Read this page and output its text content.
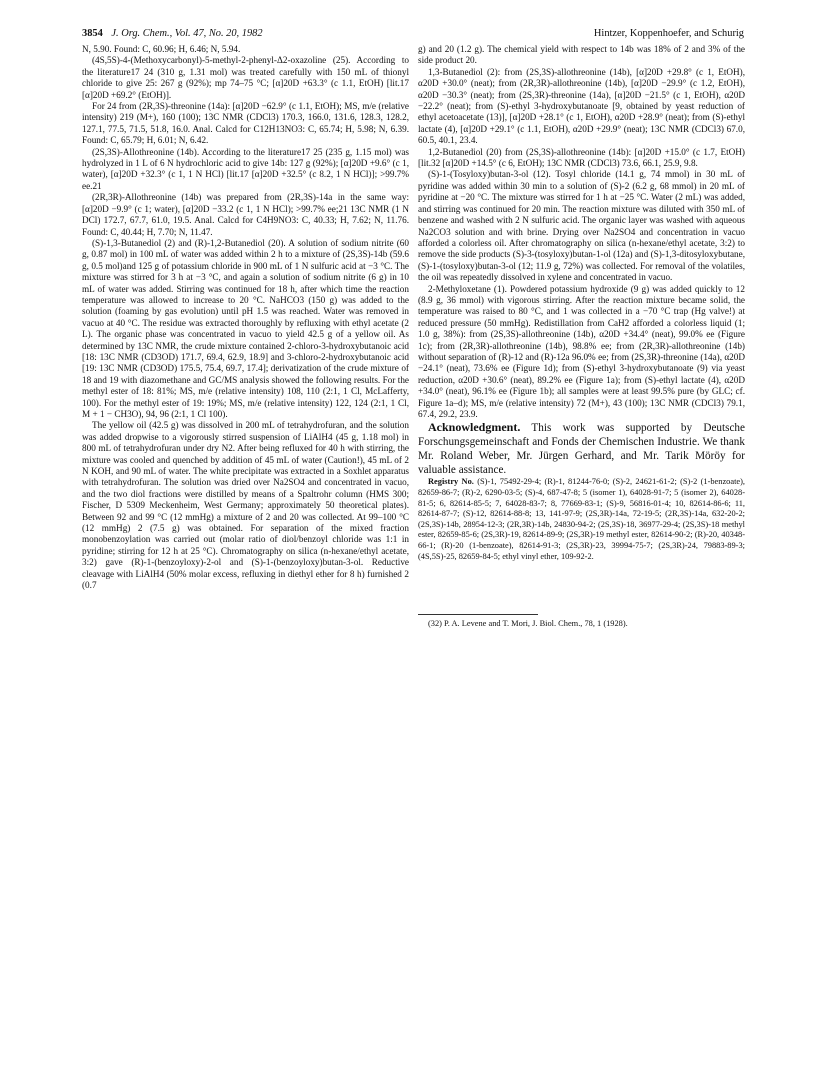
3854 J. Org. Chem., Vol. 47, No. 20, 1982	Hintzer, Koppenhoefer, and Schurig

N, 5.90. Found: C, 60.96; H, 6.46; N, 5.94.

(4S,5S)-4-(Methoxycarbonyl)-5-methyl-2-phenyl-Δ2-oxazoline (25). According to the literature17 24 (310 g, 1.31 mol) was treated carefully with 150 mL of thionyl chloride to give 25: 267 g (92%); mp 74–75 °C; [α]20D +63.3° (c 1.1, EtOH) [lit.17 [α]20D +69.2° (EtOH)].

For 24 from (2R,3S)-threonine (14a): [α]20D −62.9° (c 1.1, EtOH); MS, m/e (relative intensity) 219 (M+), 160 (100); 13C NMR (CDCl3) 170.3, 166.0, 131.6, 128.3, 128.2, 127.1, 77.5, 71.5, 51.8, 16.0. Anal. Calcd for C12H13NO3: C, 65.74; H, 5.98; N, 6.39. Found: C, 65.79; H, 6.01; N, 6.42.

(2S,3S)-Allothreonine (14b). According to the literature17 25 (235 g, 1.15 mol) was hydrolyzed in 1 L of 6 N hydrochloric acid to give 14b: 127 g (92%); [α]20D +9.6° (c 1, water), [α]20D +32.3° (c 1, 1 N HCl) [lit.17 [α]20D +32.5° (c 8.2, 1 N HCl)]; >99.7% ee.21

(2R,3R)-Allothreonine (14b) was prepared from (2R,3S)-14a in the same way: [α]20D −9.9° (c 1; water), [α]20D −33.2 (c 1, 1 N HCl); >99.7% ee;21 13C NMR (1 N DCl) 172.7, 67.7, 61.0, 19.5. Anal. Calcd for C4H9NO3: C, 40.33; H, 7.62; N, 11.76. Found: C, 40.44; H, 7.70; N, 11.47.

(S)-1,3-Butanediol (2) and (R)-1,2-Butanediol (20). A solution of sodium nitrite (60 g, 0.87 mol) in 100 mL of water was added within 2 h to a mixture of (2S,3S)-14b (59.6 g, 0.5 mol)and 125 g of potassium chloride in 900 mL of 1 N sulfuric acid at −3 °C. The mixture was stirred for 3 h at −3 °C, and again a solution of sodium nitrite (6 g) in 10 mL of water was added. Stirring was continued for 18 h, after which time the reaction temperature was allowed to increase to 20 °C. NaHCO3 (150 g) was added to the solution (foaming by gas evolution) until pH 1.5 was reached. Water was removed in vacuo at 40 °C. The residue was extracted thoroughly by refluxing with ethyl acetate (2 L). The organic phase was concentrated in vacuo to yield 42.5 g of a yellow oil. As determined by 13C NMR, the crude mixture contained 2-chloro-3-hydroxybutanoic acid [18: 13C NMR (CD3OD) 171.7, 69.4, 62.9, 18.9] and 3-chloro-2-hydroxybutanoic acid [19: 13C NMR (CD3OD) 175.5, 75.4, 69.7, 17.4]; derivatization of the crude mixture of 18 and 19 with diazomethane and GC/MS analysis showed the following results. For the methyl ester of 18: 81%; MS, m/e (relative intensity) 108, 110 (2:1, 1 Cl, McLafferty, 100). For the methyl ester of 19: 19%; MS, m/e (relative intensity) 122, 124 (2:1, 1 Cl, M + 1 − CH3O), 94, 96 (2:1, 1 Cl 100).

The yellow oil (42.5 g) was dissolved in 200 mL of tetrahydrofuran, and the solution was added dropwise to a vigorously stirred suspension of LiAlH4 (45 g, 1.18 mol) in 800 mL of tetrahydrofuran under dry N2. After being refluxed for 40 h with stirring, the mixture was cooled and quenched by addition of 45 mL of water (Caution!), 45 mL of 2 N KOH, and 90 mL of water. The white precipitate was extracted in a Soxhlet apparatus with tetrahydrofuran. The solution was dried over Na2SO4 and concentrated in vacuo, and the two diol fractions were distilled by means of a Spaltrohr column (HMS 300; Fischer, D 5309 Meckenheim, West Germany; approximately 50 theoretical plates). Between 92 and 99 °C (12 mmHg) a mixture of 2 and 20 was collected. At 99–100 °C (12 mmHg) 2 (7.5 g) was obtained. For separation of the mixed fraction monobenzoylation was carried out (molar ratio of diol/benzoyl chloride was 1:1 in pyridine; stirring for 12 h at 25 °C). Chromatography on silica (n-hexane/ethyl acetate, 3:2) gave (R)-1-(benzoyloxy)-2-ol and (S)-1-(benzoyloxy)butan-3-ol. Reductive cleavage with LiAlH4 (50% molar excess, refluxing in diethyl ether for 8 h) furnished 2 (0.7

g) and 20 (1.2 g). The chemical yield with respect to 14b was 18% of 2 and 3% of the side product 20.

1,3-Butanediol (2): from (2S,3S)-allothreonine (14b), [α]20D +29.8° (c 1, EtOH), α20D +30.0° (neat); from (2R,3R)-allothreonine (14b), [α]20D −29.9° (c 1.2, EtOH), α20D −30.3° (neat); from (2S,3R)-threonine (14a), [α]20D −21.5° (c 1, EtOH), α20D −22.2° (neat); from (S)-ethyl 3-hydroxybutanoate [9, obtained by yeast reduction of ethyl acetoacetate (13)], [α]20D +28.1° (c 1, EtOH), α20D +28.9° (neat); from (S)-ethyl lactate (4), [α]20D +29.1° (c 1.1, EtOH), α20D +29.9° (neat); 13C NMR (CDCl3) 67.0, 60.5, 40.1, 23.4.

1,2-Butanediol (20) from (2S,3S)-allothreonine (14b): [α]20D +15.0° (c 1.7, EtOH) [lit.32 [α]20D +14.5° (c 6, EtOH); 13C NMR (CDCl3) 73.6, 66.1, 25.9, 9.8.

(S)-1-(Tosyloxy)butan-3-ol (12). Tosyl chloride (14.1 g, 74 mmol) in 30 mL of pyridine was added within 30 min to a solution of (S)-2 (6.2 g, 68 mmol) in 20 mL of pyridine at −20 °C. The mixture was stirred for 1 h at −25 °C. Water (2 mL) was added, and stirring was continued for 20 min. The reaction mixture was diluted with 350 mL of benzene and washed with 2 N sulfuric acid. The organic layer was washed with aqueous Na2CO3 solution and with brine. Drying over Na2SO4 and concentration in vacuo afforded a colorless oil. After chromatography on silica (n-hexane/ethyl acetate, 3:2) to remove the side products (S)-3-(tosyloxy)butan-1-ol (12a) and (S)-1,3-ditosyloxybutane, (S)-1-(tosyloxy)butan-3-ol (12; 11.9 g, 72%) was collected. For removal of the volatiles, the oil was repeatedly dissolved in xylene and concentrated in vacuo.

2-Methyloxetane (1). Powdered potassium hydroxide (9 g) was added quickly to 12 (8.9 g, 36 mmol) with vigorous stirring. After the reaction mixture became solid, the temperature was raised to 80 °C, and 1 was collected in a −70 °C trap (Hg valve!) at reduced pressure (50 mmHg). Redistillation from CaH2 afforded a colorless liquid (1; 1.0 g, 38%): from (2S,3S)-allothreonine (14b), α20D +34.4° (neat), 99.0% ee (Figure 1c); from (2R,3R)-allothreonine (14b), 98.8% ee; from (2R,3R)-allothreonine (14b) without separation of (R)-12 and (R)-12a 96.0% ee; from (2S,3R)-threonine (14a), α20D −24.1° (neat), 73.6% ee (Figure 1d); from (S)-ethyl 3-hydroxybutanoate (9) via yeast reduction, α20D +30.6° (neat), 89.2% ee (Figure 1a); from (S)-ethyl lactate (4), α20D +34.0° (neat), 96.1% ee (Figure 1b); all samples were at least 99.5% pure (by GLC; cf. Figure 1a–d); MS, m/e (relative intensity) 72 (M+), 43 (100); 13C NMR (CDCl3) 79.1, 67.4, 29.2, 23.9.

Acknowledgment. This work was supported by Deutsche Forschungsgemeinschaft and Fonds der Chemischen Industrie. We thank Mr. Roland Weber, Mr. Jürgen Gerhard, and Mr. Tarik Möröy for valuable assistance.

Registry No. (S)-1, 75492-29-4; (R)-1, 81244-76-0; (S)-2, 24621-61-2; (S)-2 (1-benzoate), 82659-86-7; (R)-2, 6290-03-5; (S)-4, 687-47-8; 5 (isomer 1), 64028-91-7; 5 (isomer 2), 64028-81-5; 6, 82614-85-5; 7, 64028-83-7; 8, 77669-83-1; (S)-9, 56816-01-4; 10, 82614-86-6; 11, 82614-87-7; (S)-12, 82614-88-8; 13, 141-97-9; (2S,3R)-14a, 72-19-5; (2R,3S)-14a, 632-20-2; (2S,3S)-14b, 28954-12-3; (2R,3R)-14b, 24830-94-2; (2S,3S)-18, 36977-29-4; (2S,3S)-18 methyl ester, 82659-85-6; (2S,3R)-19, 82614-89-9; (2S,3R)-19 methyl ester, 82614-90-2; (R)-20, 40348-66-1; (R)-20 (1-benzoate), 82614-91-3; (2S,3R)-23, 39994-75-7; (2S,3R)-24, 79883-89-3; (4S,5S)-25, 82659-84-5; ethyl vinyl ether, 109-92-2.

(32) P. A. Levene and T. Mori, J. Biol. Chem., 78, 1 (1928).
